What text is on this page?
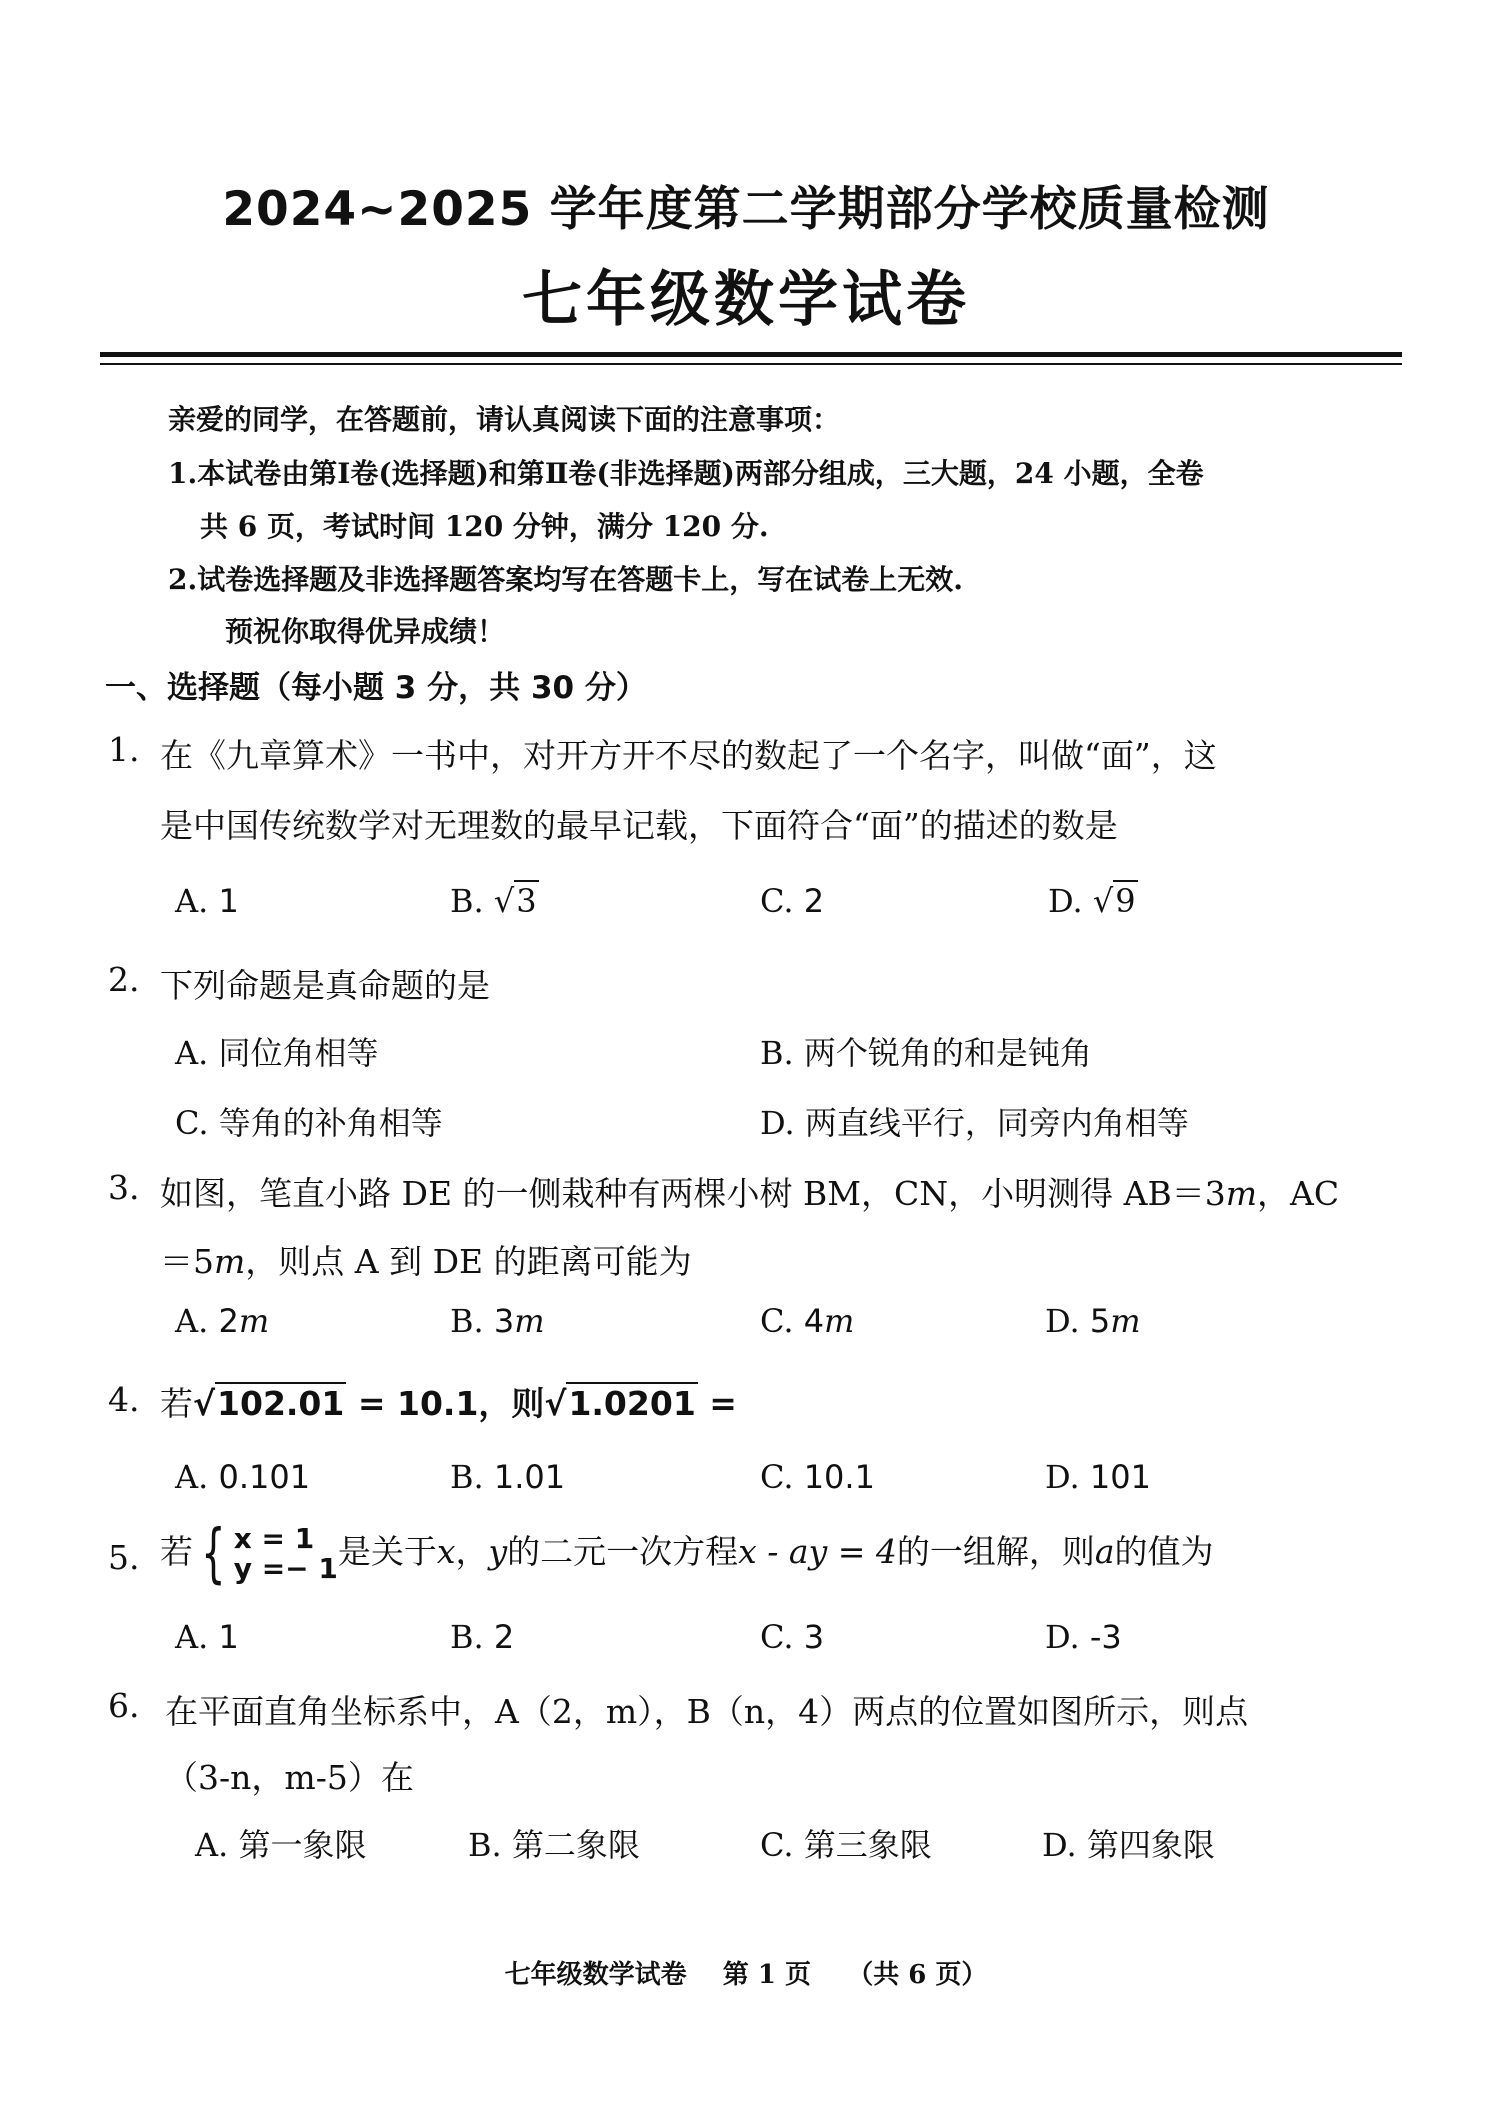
2024~2025 学年度第二学期部分学校质量检测
七年级数学试卷
亲爱的同学，在答题前，请认真阅读下面的注意事项：
1.本试卷由第Ⅰ卷(选择题)和第Ⅱ卷(非选择题)两部分组成，三大题，24 小题，全卷
共 6 页，考试时间 120 分钟，满分 120 分.
2.试卷选择题及非选择题答案均写在答题卡上，写在试卷上无效.
预祝你取得优异成绩！
一、选择题（每小题 3 分，共 30 分）
1. 在《九章算术》一书中，对开方开不尽的数起了一个名字，叫做“面”，这
是中国传统数学对无理数的最早记载，下面符合“面”的描述的数是
A. 1	B. √3	C. 2	D. √9
2. 下列命题是真命题的是
A. 同位角相等	B. 两个锐角的和是钝角
C. 等角的补角相等	D. 两直线平行，同旁内角相等
3. 如图，笔直小路 DE 的一侧栽种有两棵小树 BM，CN，小明测得 AB＝3m，AC
＝5m，则点 A 到 DE 的距离可能为
A. 2m	B. 3m	C. 4m	D. 5m
4. 若√102.01 = 10.1，则√1.0201 =
A. 0.101	B. 1.01	C. 10.1	D. 101
5. 若 { x = 1
y =− 1是关于x，y的二元一次方程x - ay = 4的一组解，则a的值为
A. 1	B. 2	C. 3	D. -3
6. 在平面直角坐标系中，A（2，m），B（n，4）两点的位置如图所示，则点
（3-n，m-5）在
A. 第一象限	B. 第二象限	C. 第三象限	D. 第四象限
七年级数学试卷    第 1 页    （共 6 页）
